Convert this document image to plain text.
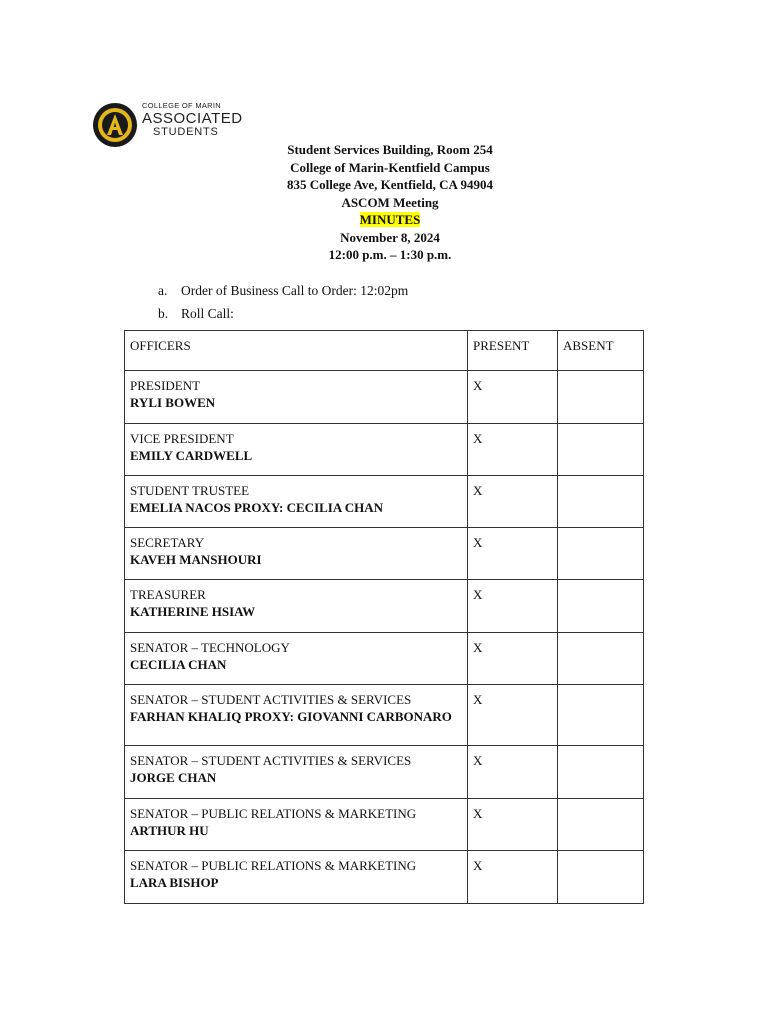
COLLEGE OF MARIN
ASSOCIATED
STUDENTS
Student Services Building, Room 254
College of Marin-Kentfield Campus
835 College Ave, Kentfield, CA 94904
ASCOM Meeting
MINUTES
November 8, 2024
12:00 p.m. – 1:30 p.m.
a. Order of Business Call to Order: 12:02pm
b. Roll Call:
OFFICERS	PRESENT	ABSENT

PRESIDENT
RYLI BOWEN	X	

VICE PRESIDENT
EMILY CARDWELL	X	

STUDENT TRUSTEE
EMELIA NACOS PROXY: CECILIA CHAN	X	

SECRETARY
KAVEH MANSHOURI	X	

TREASURER
KATHERINE HSIAW	X	

SENATOR – TECHNOLOGY
CECILIA CHAN	X	

SENATOR – STUDENT ACTIVITIES & SERVICES
FARHAN KHALIQ PROXY: GIOVANNI CARBONARO	X	

SENATOR – STUDENT ACTIVITIES & SERVICES
JORGE CHAN	X	

SENATOR – PUBLIC RELATIONS & MARKETING
ARTHUR HU	X	

SENATOR – PUBLIC RELATIONS & MARKETING
LARA BISHOP	X	
